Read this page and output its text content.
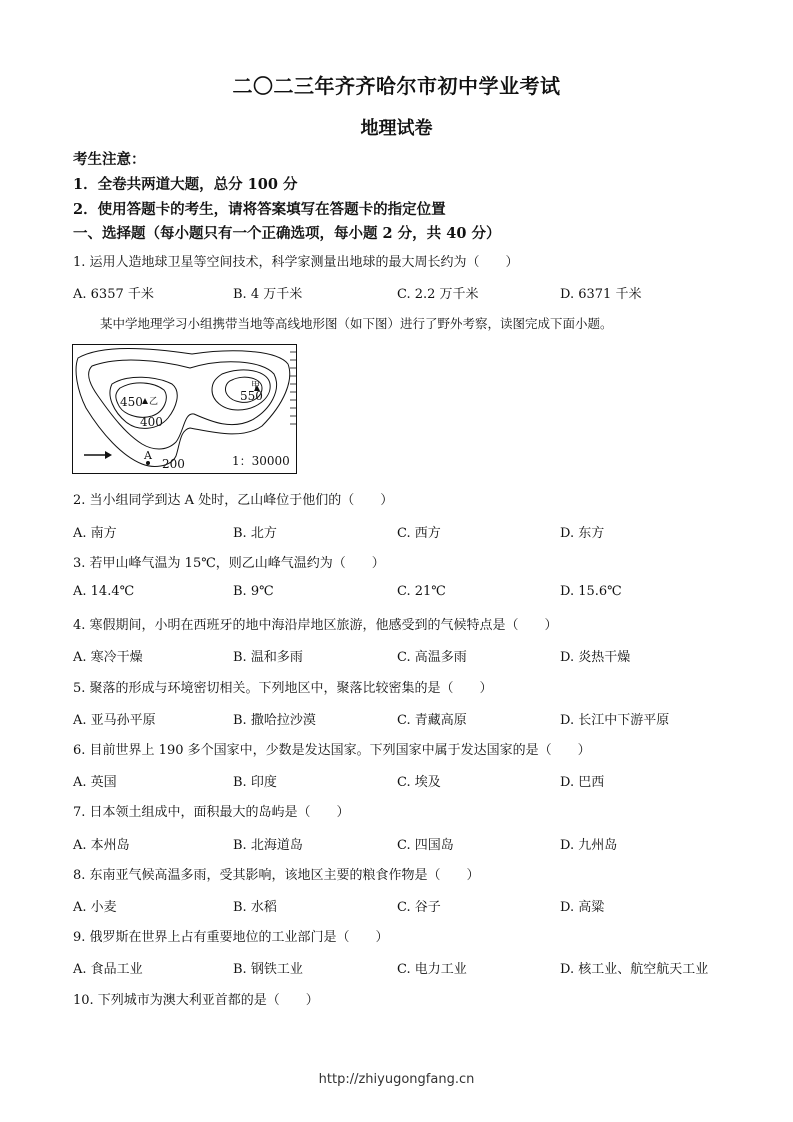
二〇二三年齐齐哈尔市初中学业考试
地理试卷
考生注意：
1．全卷共两道大题，总分 100 分
2．使用答题卡的考生，请将答案填写在答题卡的指定位置
一、选择题（每小题只有一个正确选项，每小题 2 分，共 40 分）
1. 运用人造地球卫星等空间技术，科学家测量出地球的最大周长约为（　　）
A. 6357 千米	B. 4 万千米	C. 2.2 万千米	D. 6371 千米
某中学地理学习小组携带当地等高线地形图（如下图）进行了野外考察，读图完成下面小题。
450 乙
400
甲
550
A
200	1：30000
2. 当小组同学到达 A 处时，乙山峰位于他们的（　　）
A. 南方	B. 北方	C. 西方	D. 东方
3. 若甲山峰气温为 15℃，则乙山峰气温约为（　　）
A. 14.4℃	B. 9℃	C. 21℃	D. 15.6℃
4. 寒假期间，小明在西班牙的地中海沿岸地区旅游，他感受到的气候特点是（　　）
A. 寒冷干燥	B. 温和多雨	C. 高温多雨	D. 炎热干燥
5. 聚落的形成与环境密切相关。下列地区中，聚落比较密集的是（　　）
A. 亚马孙平原	B. 撒哈拉沙漠	C. 青藏高原	D. 长江中下游平原
6. 目前世界上 190 多个国家中，少数是发达国家。下列国家中属于发达国家的是（　　）
A. 英国	B. 印度	C. 埃及	D. 巴西
7. 日本领土组成中，面积最大的岛屿是（　　）
A. 本州岛	B. 北海道岛	C. 四国岛	D. 九州岛
8. 东南亚气候高温多雨，受其影响，该地区主要的粮食作物是（　　）
A. 小麦	B. 水稻	C. 谷子	D. 高粱
9. 俄罗斯在世界上占有重要地位的工业部门是（　　）
A. 食品工业	B. 钢铁工业	C. 电力工业	D. 核工业、航空航天工业
10. 下列城市为澳大利亚首都的是（　　）
http://zhiyugongfang.cn
